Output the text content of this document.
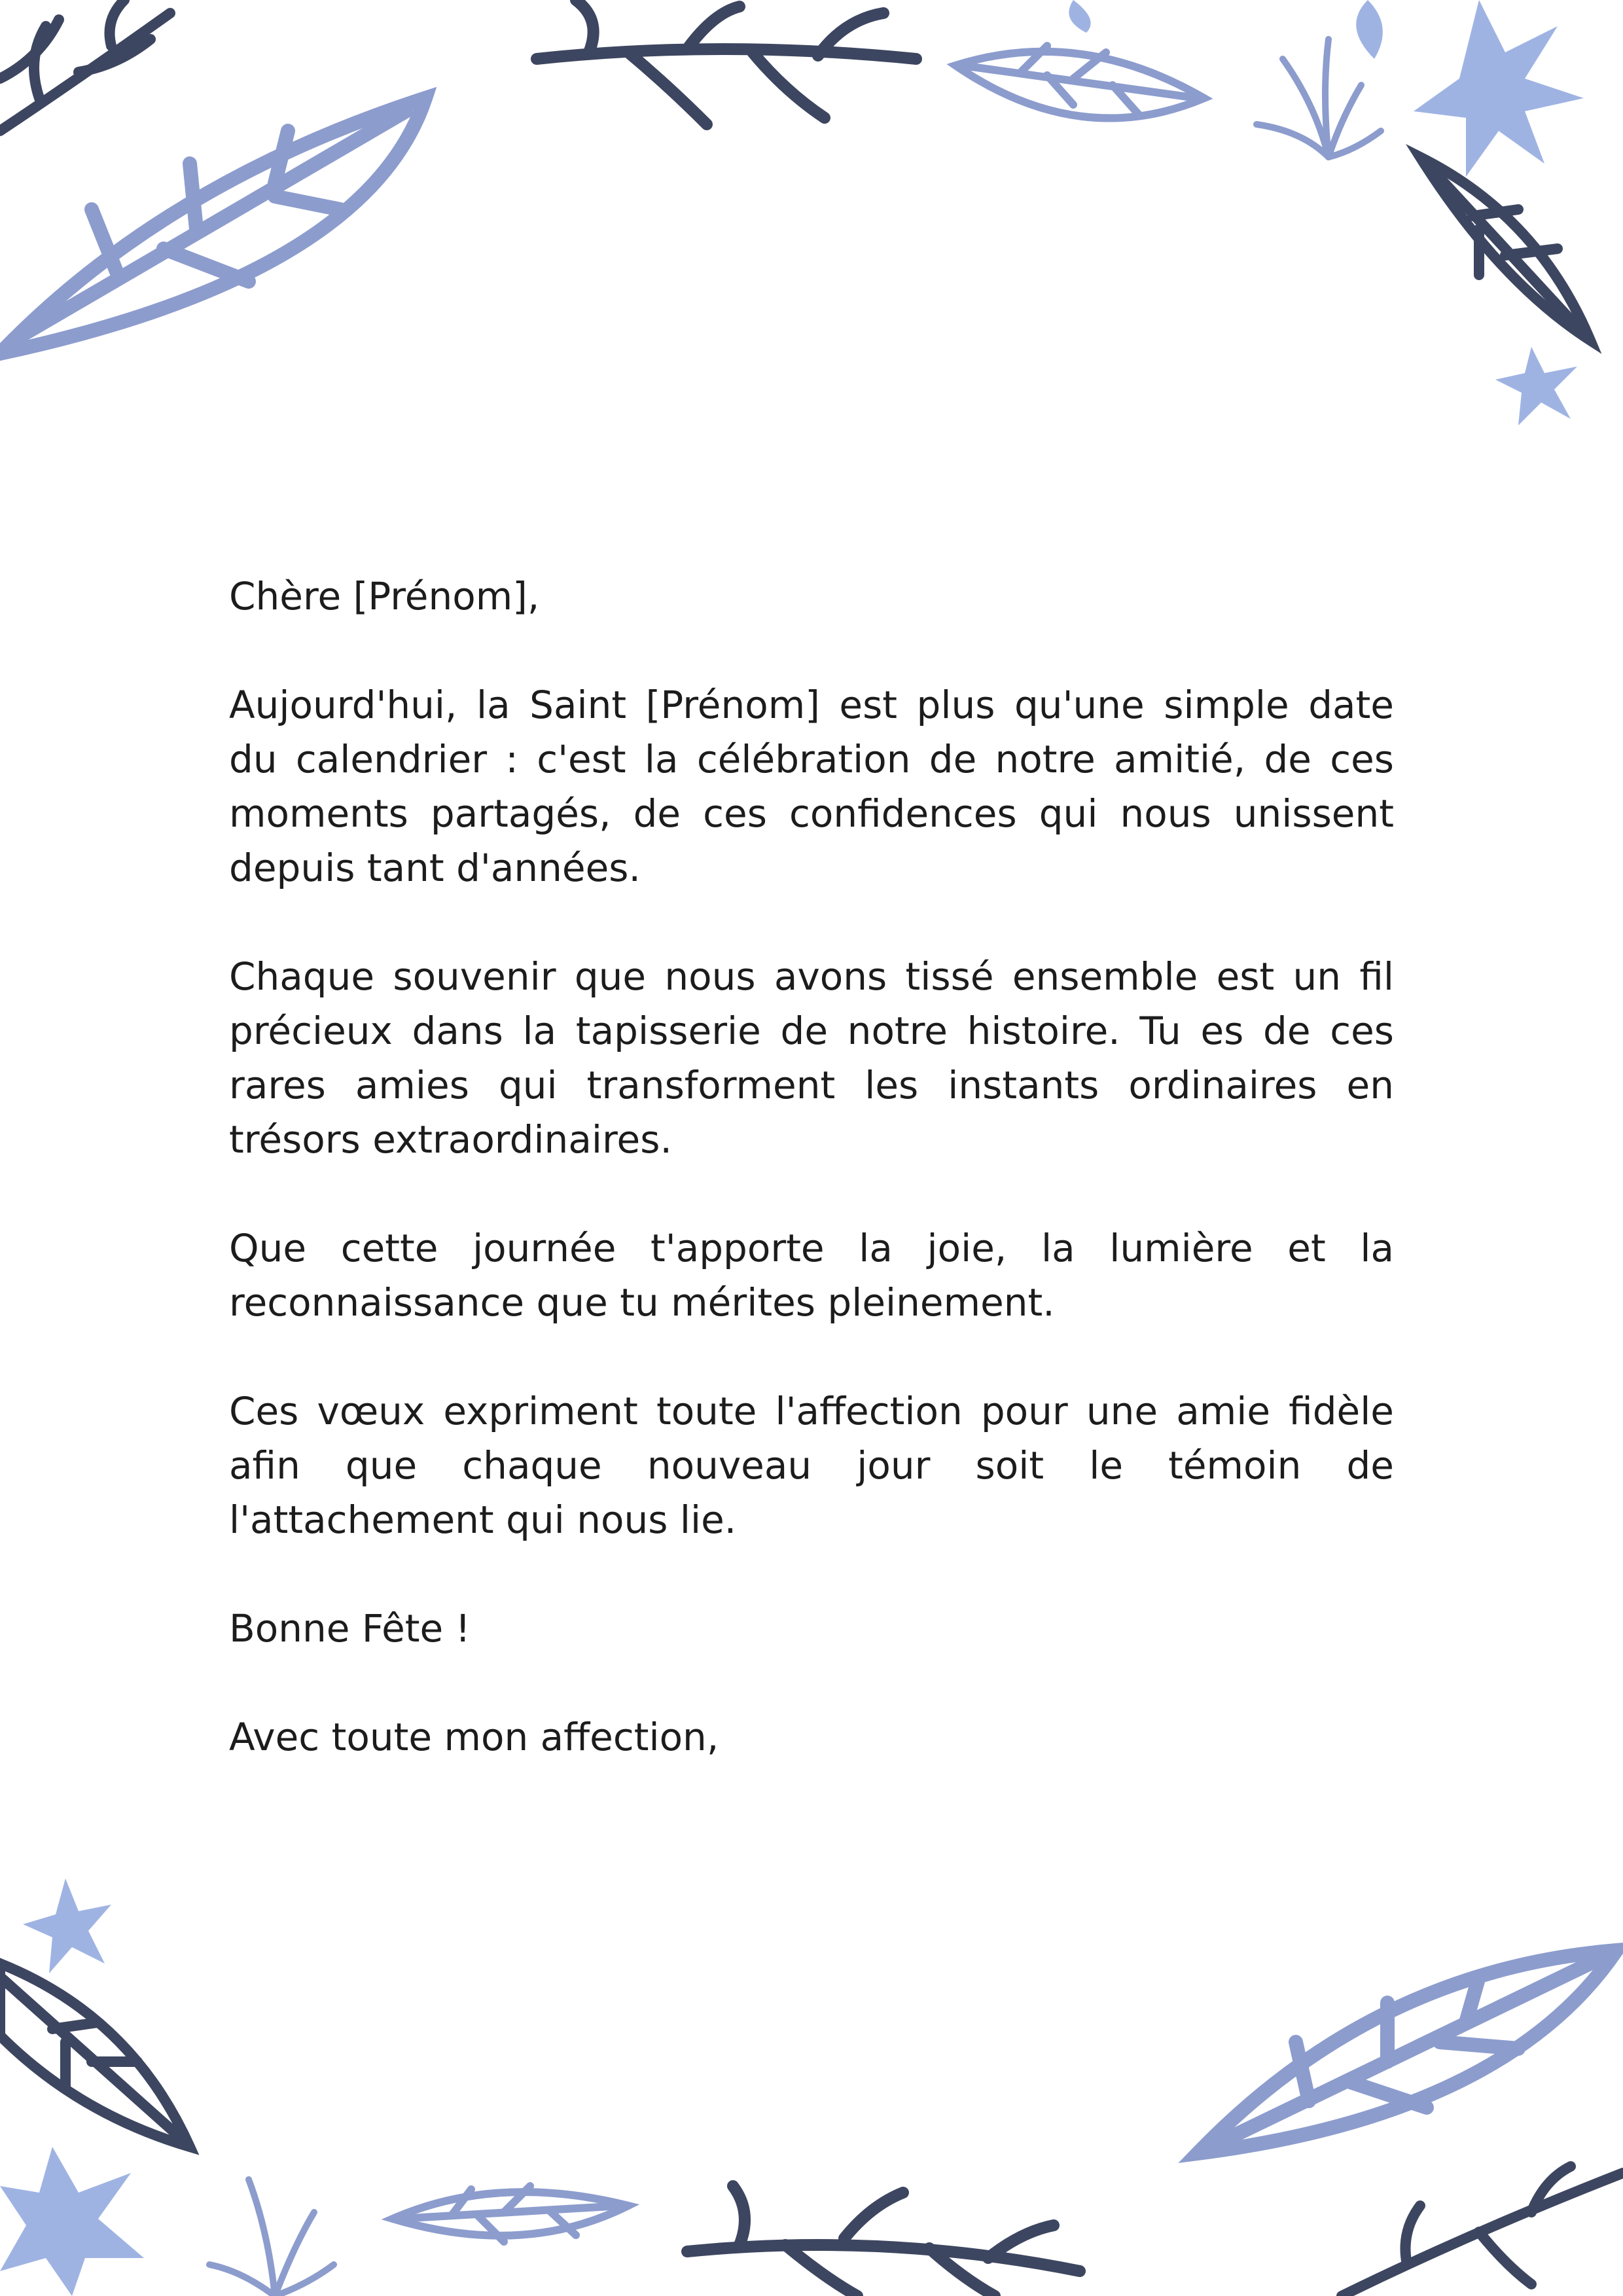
Chère [Prénom],

Aujourd'hui, la Saint [Prénom] est plus qu'une simple date du calendrier : c'est la célébration de notre amitié, de ces moments partagés, de ces confidences qui nous unissent depuis tant d'années.

Chaque souvenir que nous avons tissé ensemble est un fil précieux dans la tapisserie de notre histoire. Tu es de ces rares amies qui transforment les instants ordinaires en trésors extraordinaires.

Que cette journée t'apporte la joie, la lumière et la reconnaissance que tu mérites pleinement.

Ces vœux expriment toute l'affection pour une amie fidèle afin que chaque nouveau jour soit le témoin de l'attachement qui nous lie.

Bonne Fête !

Avec toute mon affection,
